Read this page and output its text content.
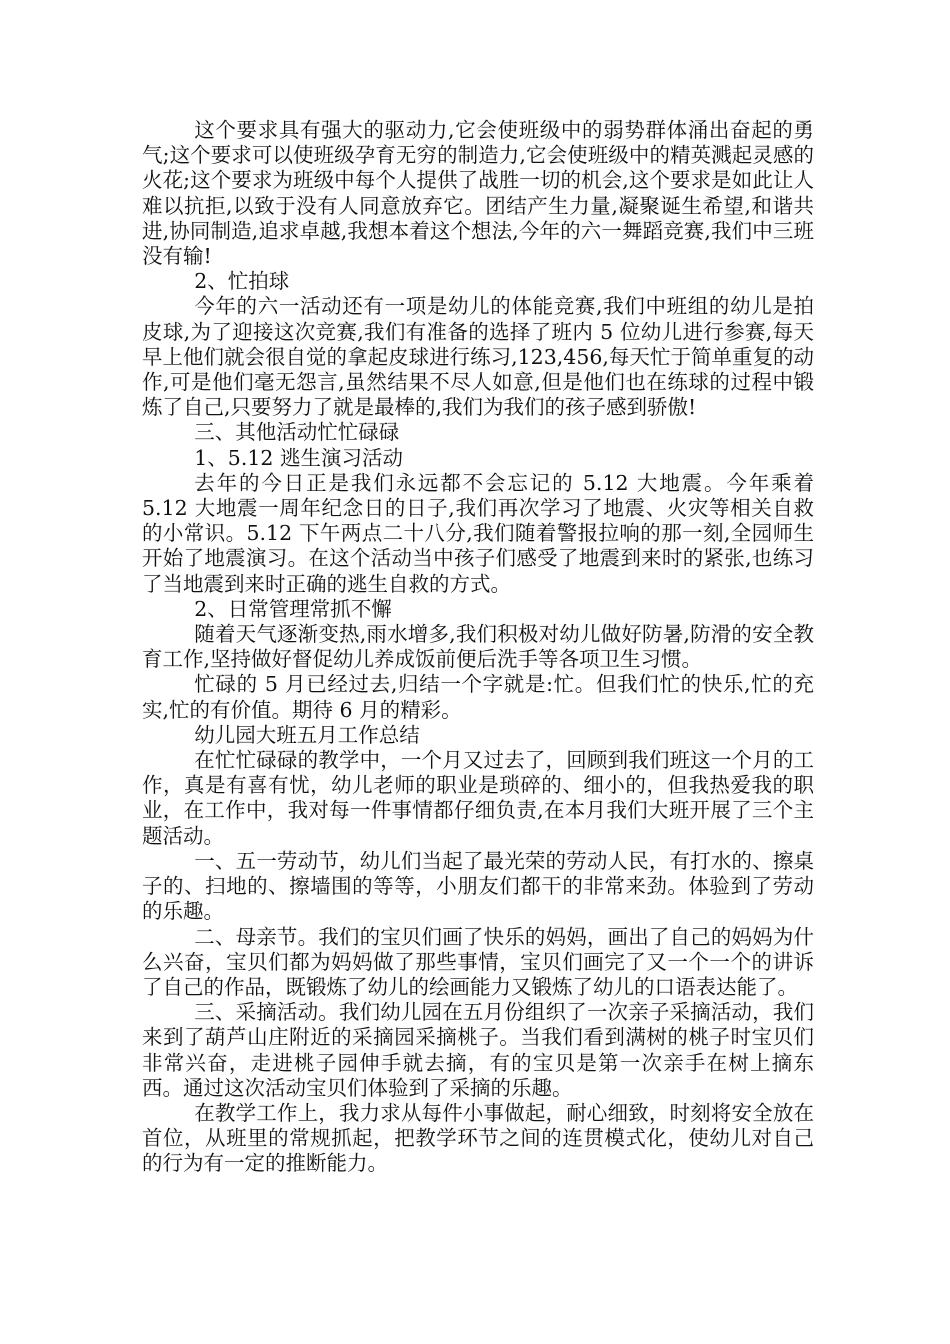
这个要求具有强大的驱动力,它会使班级中的弱势群体涌出奋起的勇气;这个要求可以使班级孕育无穷的制造力,它会使班级中的精英溅起灵感的火花;这个要求为班级中每个人提供了战胜一切的机会,这个要求是如此让人难以抗拒,以致于没有人同意放弃它。团结产生力量,凝聚诞生希望,和谐共进,协同制造,追求卓越,我想本着这个想法,今年的六一舞蹈竞赛,我们中三班没有输!

2、忙拍球

今年的六一活动还有一项是幼儿的体能竞赛,我们中班组的幼儿是拍皮球,为了迎接这次竞赛,我们有准备的选择了班内 5 位幼儿进行参赛,每天早上他们就会很自觉的拿起皮球进行练习,123,456,每天忙于简单重复的动作,可是他们毫无怨言,虽然结果不尽人如意,但是他们也在练球的过程中锻炼了自己,只要努力了就是最棒的,我们为我们的孩子感到骄傲!

三、其他活动忙忙碌碌

1、5.12 逃生演习活动

去年的今日正是我们永远都不会忘记的 5.12 大地震。今年乘着 5.12 大地震一周年纪念日的日子,我们再次学习了地震、火灾等相关自救的小常识。5.12 下午两点二十八分,我们随着警报拉响的那一刻,全园师生开始了地震演习。在这个活动当中孩子们感受了地震到来时的紧张,也练习了当地震到来时正确的逃生自救的方式。

2、日常管理常抓不懈

随着天气逐渐变热,雨水增多,我们积极对幼儿做好防暑,防滑的安全教育工作,坚持做好督促幼儿养成饭前便后洗手等各项卫生习惯。

忙碌的 5 月已经过去,归结一个字就是:忙。但我们忙的快乐,忙的充实,忙的有价值。期待 6 月的精彩。

幼儿园大班五月工作总结

在忙忙碌碌的教学中，一个月又过去了，回顾到我们班这一个月的工作，真是有喜有忧，幼儿老师的职业是琐碎的、细小的，但我热爱我的职业，在工作中，我对每一件事情都仔细负责,在本月我们大班开展了三个主题活动。

一、五一劳动节，幼儿们当起了最光荣的劳动人民，有打水的、擦桌子的、扫地的、擦墙围的等等，小朋友们都干的非常来劲。体验到了劳动的乐趣。

二、母亲节。我们的宝贝们画了快乐的妈妈，画出了自己的妈妈为什么兴奋，宝贝们都为妈妈做了那些事情，宝贝们画完了又一个一个的讲诉了自己的作品，既锻炼了幼儿的绘画能力又锻炼了幼儿的口语表达能了。

三、采摘活动。我们幼儿园在五月份组织了一次亲子采摘活动，我们来到了葫芦山庄附近的采摘园采摘桃子。当我们看到满树的桃子时宝贝们非常兴奋，走进桃子园伸手就去摘，有的宝贝是第一次亲手在树上摘东西。通过这次活动宝贝们体验到了采摘的乐趣。

在教学工作上，我力求从每件小事做起，耐心细致，时刻将安全放在首位，从班里的常规抓起，把教学环节之间的连贯模式化，使幼儿对自己的行为有一定的推断能力。
